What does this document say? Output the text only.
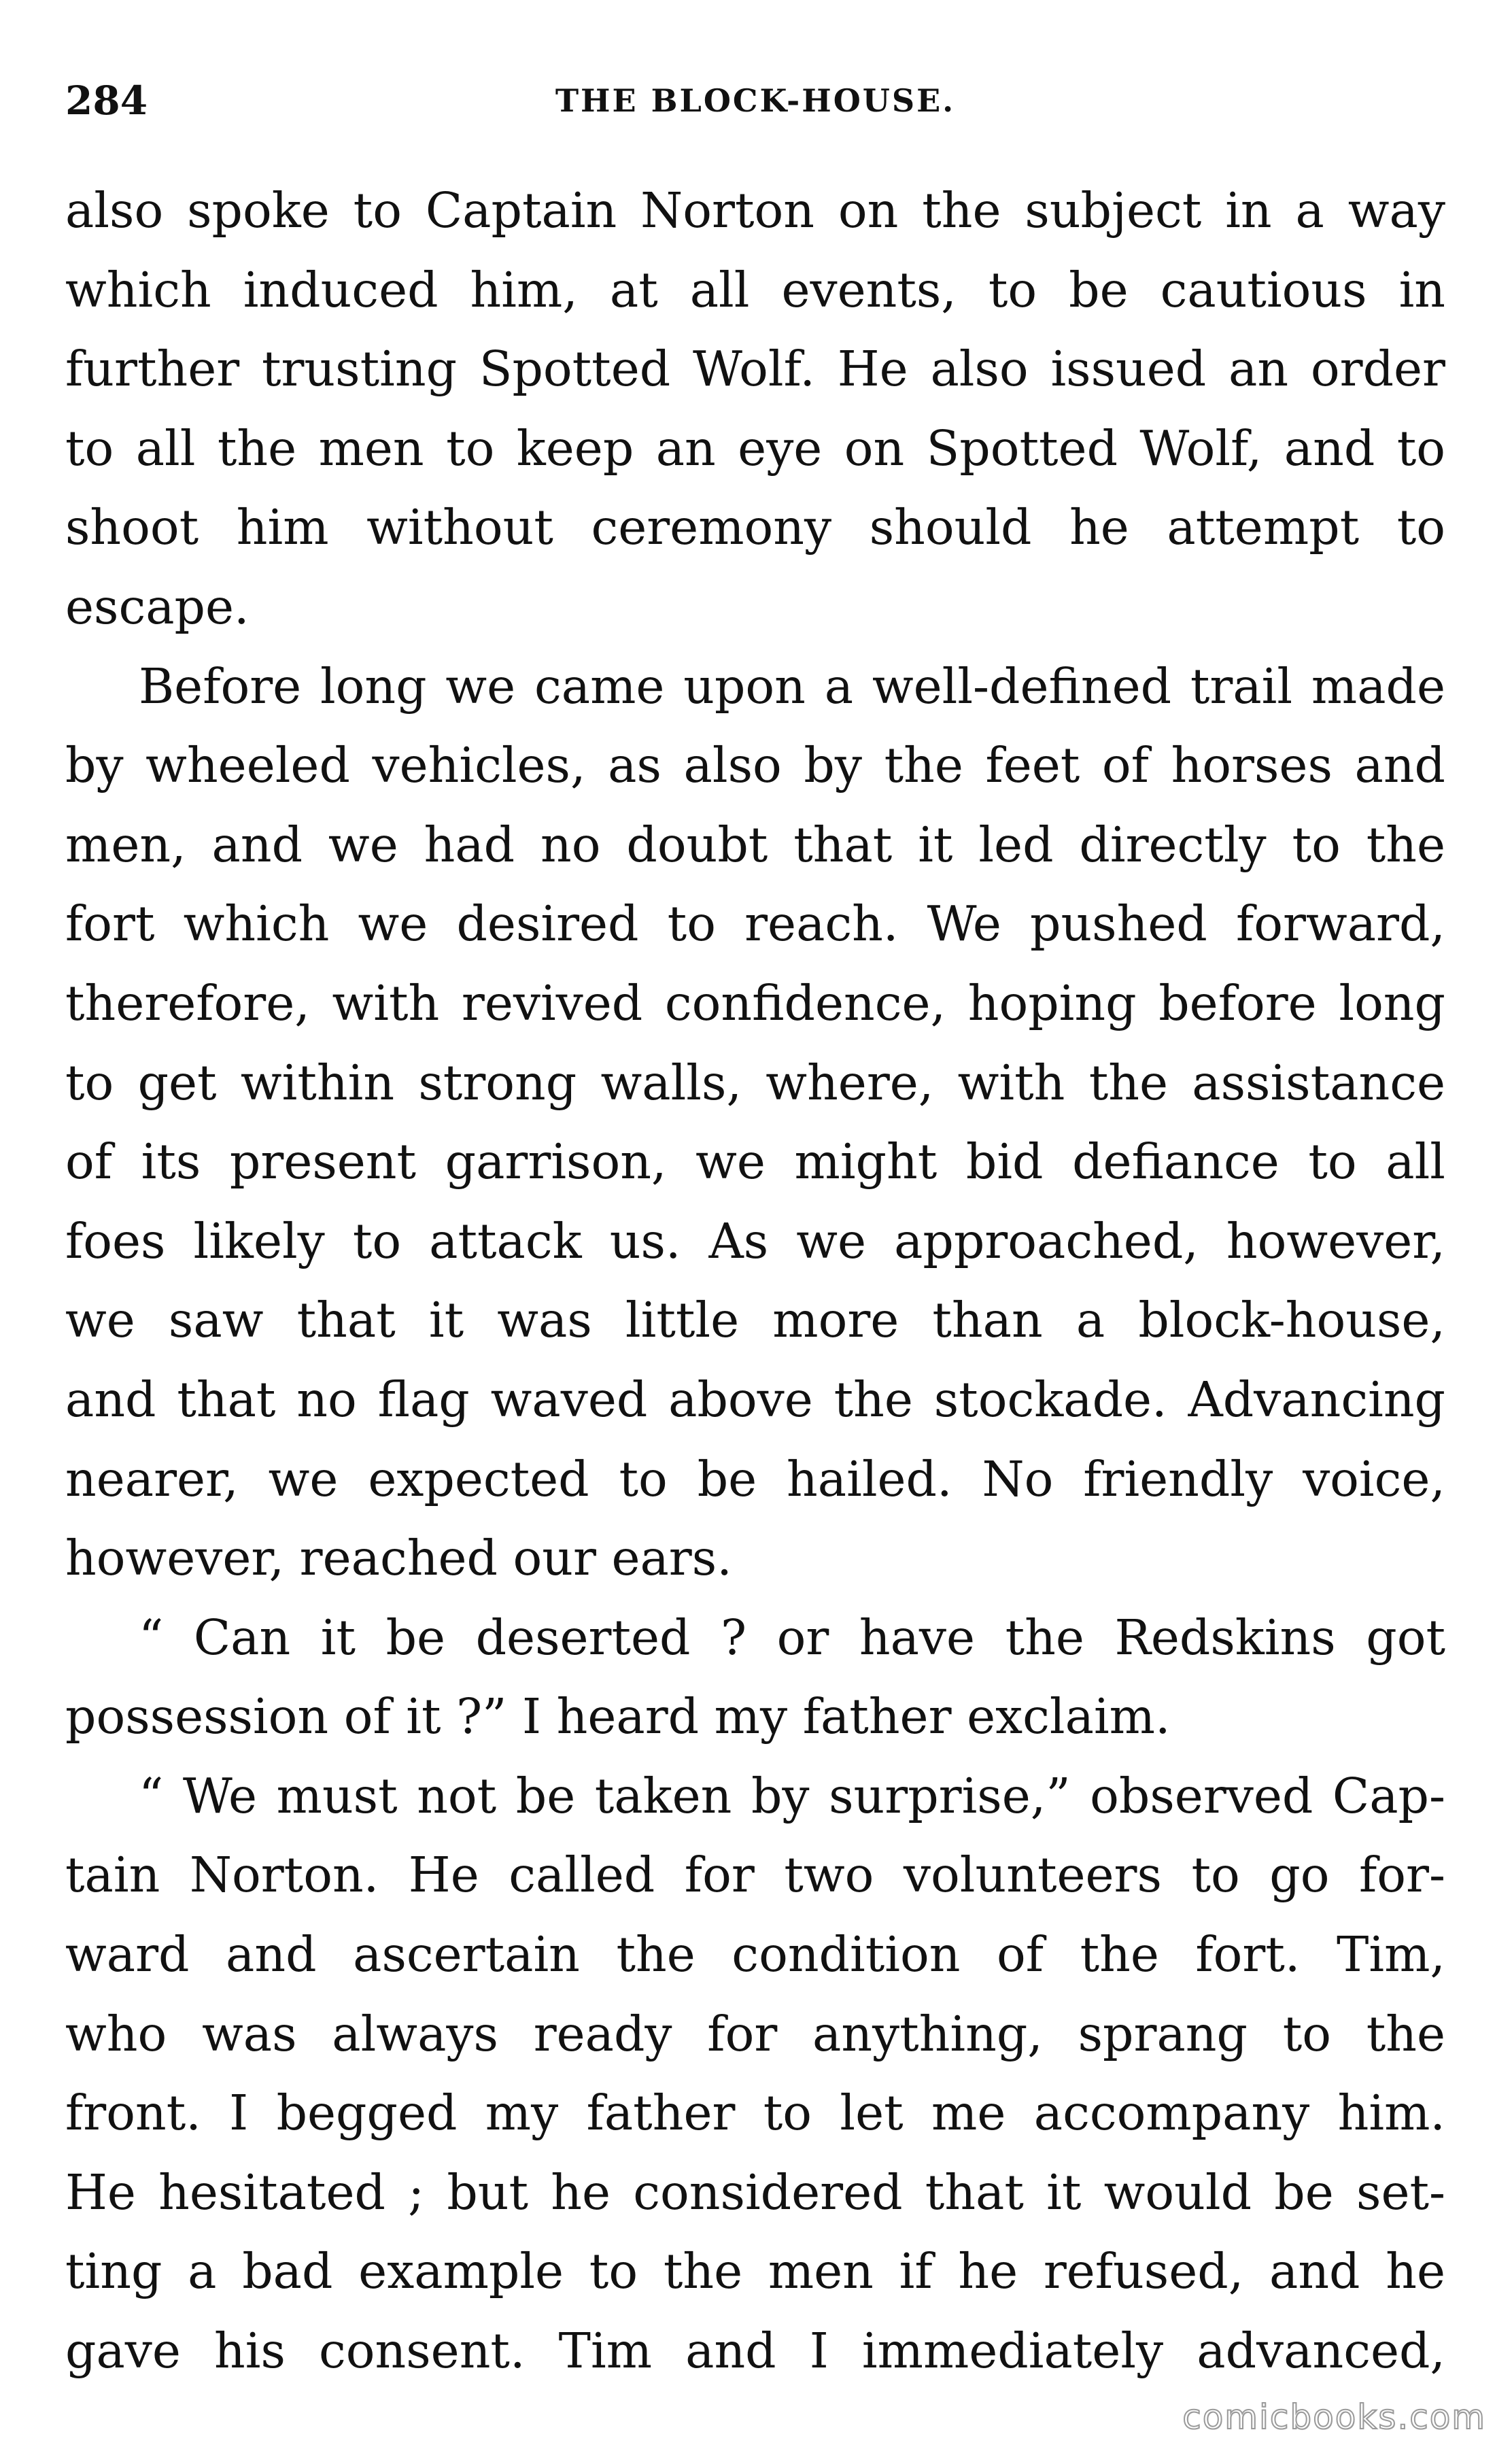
284	THE BLOCK-HOUSE.
also spoke to Captain Norton on the subject in a way
which induced him, at all events, to be cautious in
further trusting Spotted Wolf. He also issued an order
to all the men to keep an eye on Spotted Wolf, and to
shoot him without ceremony should he attempt to
escape.
Before long we came upon a well-defined trail made
by wheeled vehicles, as also by the feet of horses and
men, and we had no doubt that it led directly to the
fort which we desired to reach. We pushed forward,
therefore, with revived confidence, hoping before long
to get within strong walls, where, with the assistance
of its present garrison, we might bid defiance to all
foes likely to attack us. As we approached, however,
we saw that it was little more than a block-house,
and that no flag waved above the stockade. Advancing
nearer, we expected to be hailed. No friendly voice,
however, reached our ears.
“ Can it be deserted ? or have the Redskins got
possession of it ?” I heard my father exclaim.
“ We must not be taken by surprise,” observed Cap-
tain Norton. He called for two volunteers to go for-
ward and ascertain the condition of the fort. Tim,
who was always ready for anything, sprang to the
front. I begged my father to let me accompany him.
He hesitated ; but he considered that it would be set-
ting a bad example to the men if he refused, and he
gave his consent. Tim and I immediately advanced,
comicbooks.com
